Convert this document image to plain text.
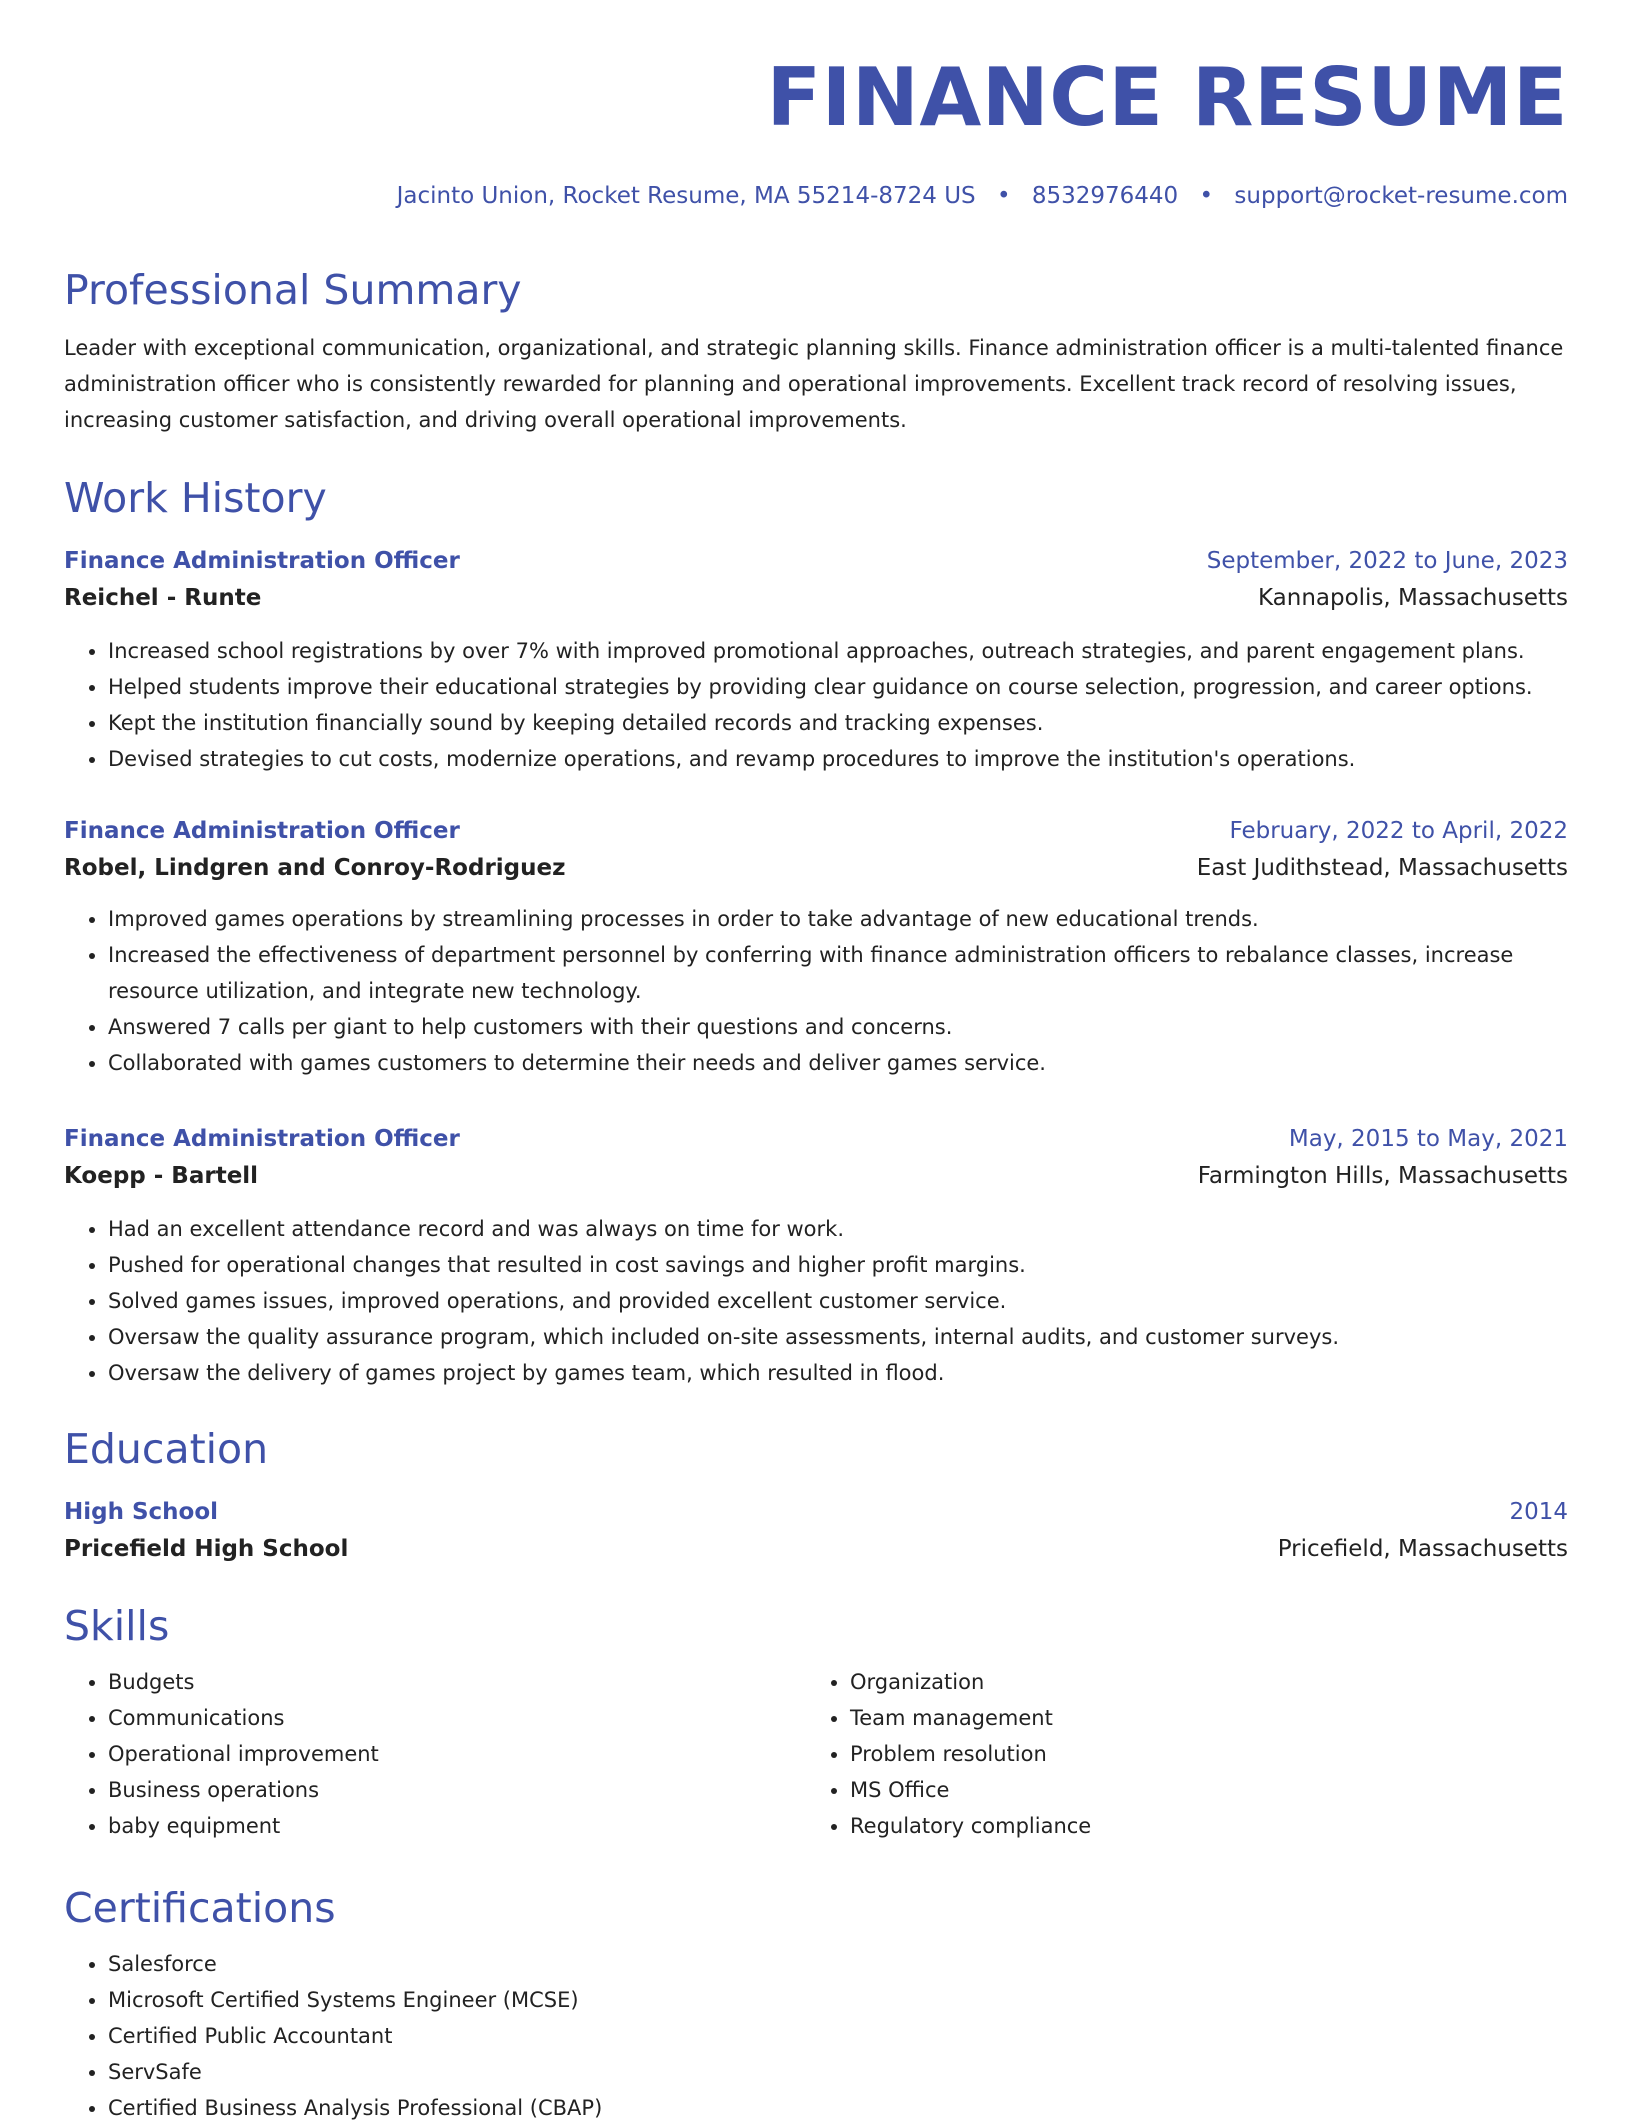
FINANCE RESUME
Jacinto Union, Rocket Resume, MA 55214-8724 US • 8532976440 • support@rocket-resume.com
Professional Summary

Leader with exceptional communication, organizational, and strategic planning skills. Finance administration officer is a multi-talented finance administration officer who is consistently rewarded for planning and operational improvements. Excellent track record of resolving issues, increasing customer satisfaction, and driving overall operational improvements.

Work History
Finance Administration Officer	September, 2022 to June, 2023
Reichel - Runte	Kannapolis, Massachusetts
• Increased school registrations by over 7% with improved promotional approaches, outreach strategies, and parent engagement plans.
• Helped students improve their educational strategies by providing clear guidance on course selection, progression, and career options.
• Kept the institution financially sound by keeping detailed records and tracking expenses.
• Devised strategies to cut costs, modernize operations, and revamp procedures to improve the institution's operations.
Finance Administration Officer	February, 2022 to April, 2022
Robel, Lindgren and Conroy-Rodriguez	East Judithstead, Massachusetts
• Improved games operations by streamlining processes in order to take advantage of new educational trends.
• Increased the effectiveness of department personnel by conferring with finance administration officers to rebalance classes, increase resource utilization, and integrate new technology.
• Answered 7 calls per giant to help customers with their questions and concerns.
• Collaborated with games customers to determine their needs and deliver games service.
Finance Administration Officer	May, 2015 to May, 2021
Koepp - Bartell	Farmington Hills, Massachusetts
• Had an excellent attendance record and was always on time for work.
• Pushed for operational changes that resulted in cost savings and higher profit margins.
• Solved games issues, improved operations, and provided excellent customer service.
• Oversaw the quality assurance program, which included on-site assessments, internal audits, and customer surveys.
• Oversaw the delivery of games project by games team, which resulted in flood.
Education
High School	2014
Pricefield High School	Pricefield, Massachusetts
Skills
• Budgets
• Communications
• Operational improvement
• Business operations
• baby equipment
• Organization
• Team management
• Problem resolution
• MS Office
• Regulatory compliance
Certifications
• Salesforce
• Microsoft Certified Systems Engineer (MCSE)
• Certified Public Accountant
• ServSafe
• Certified Business Analysis Professional (CBAP)
